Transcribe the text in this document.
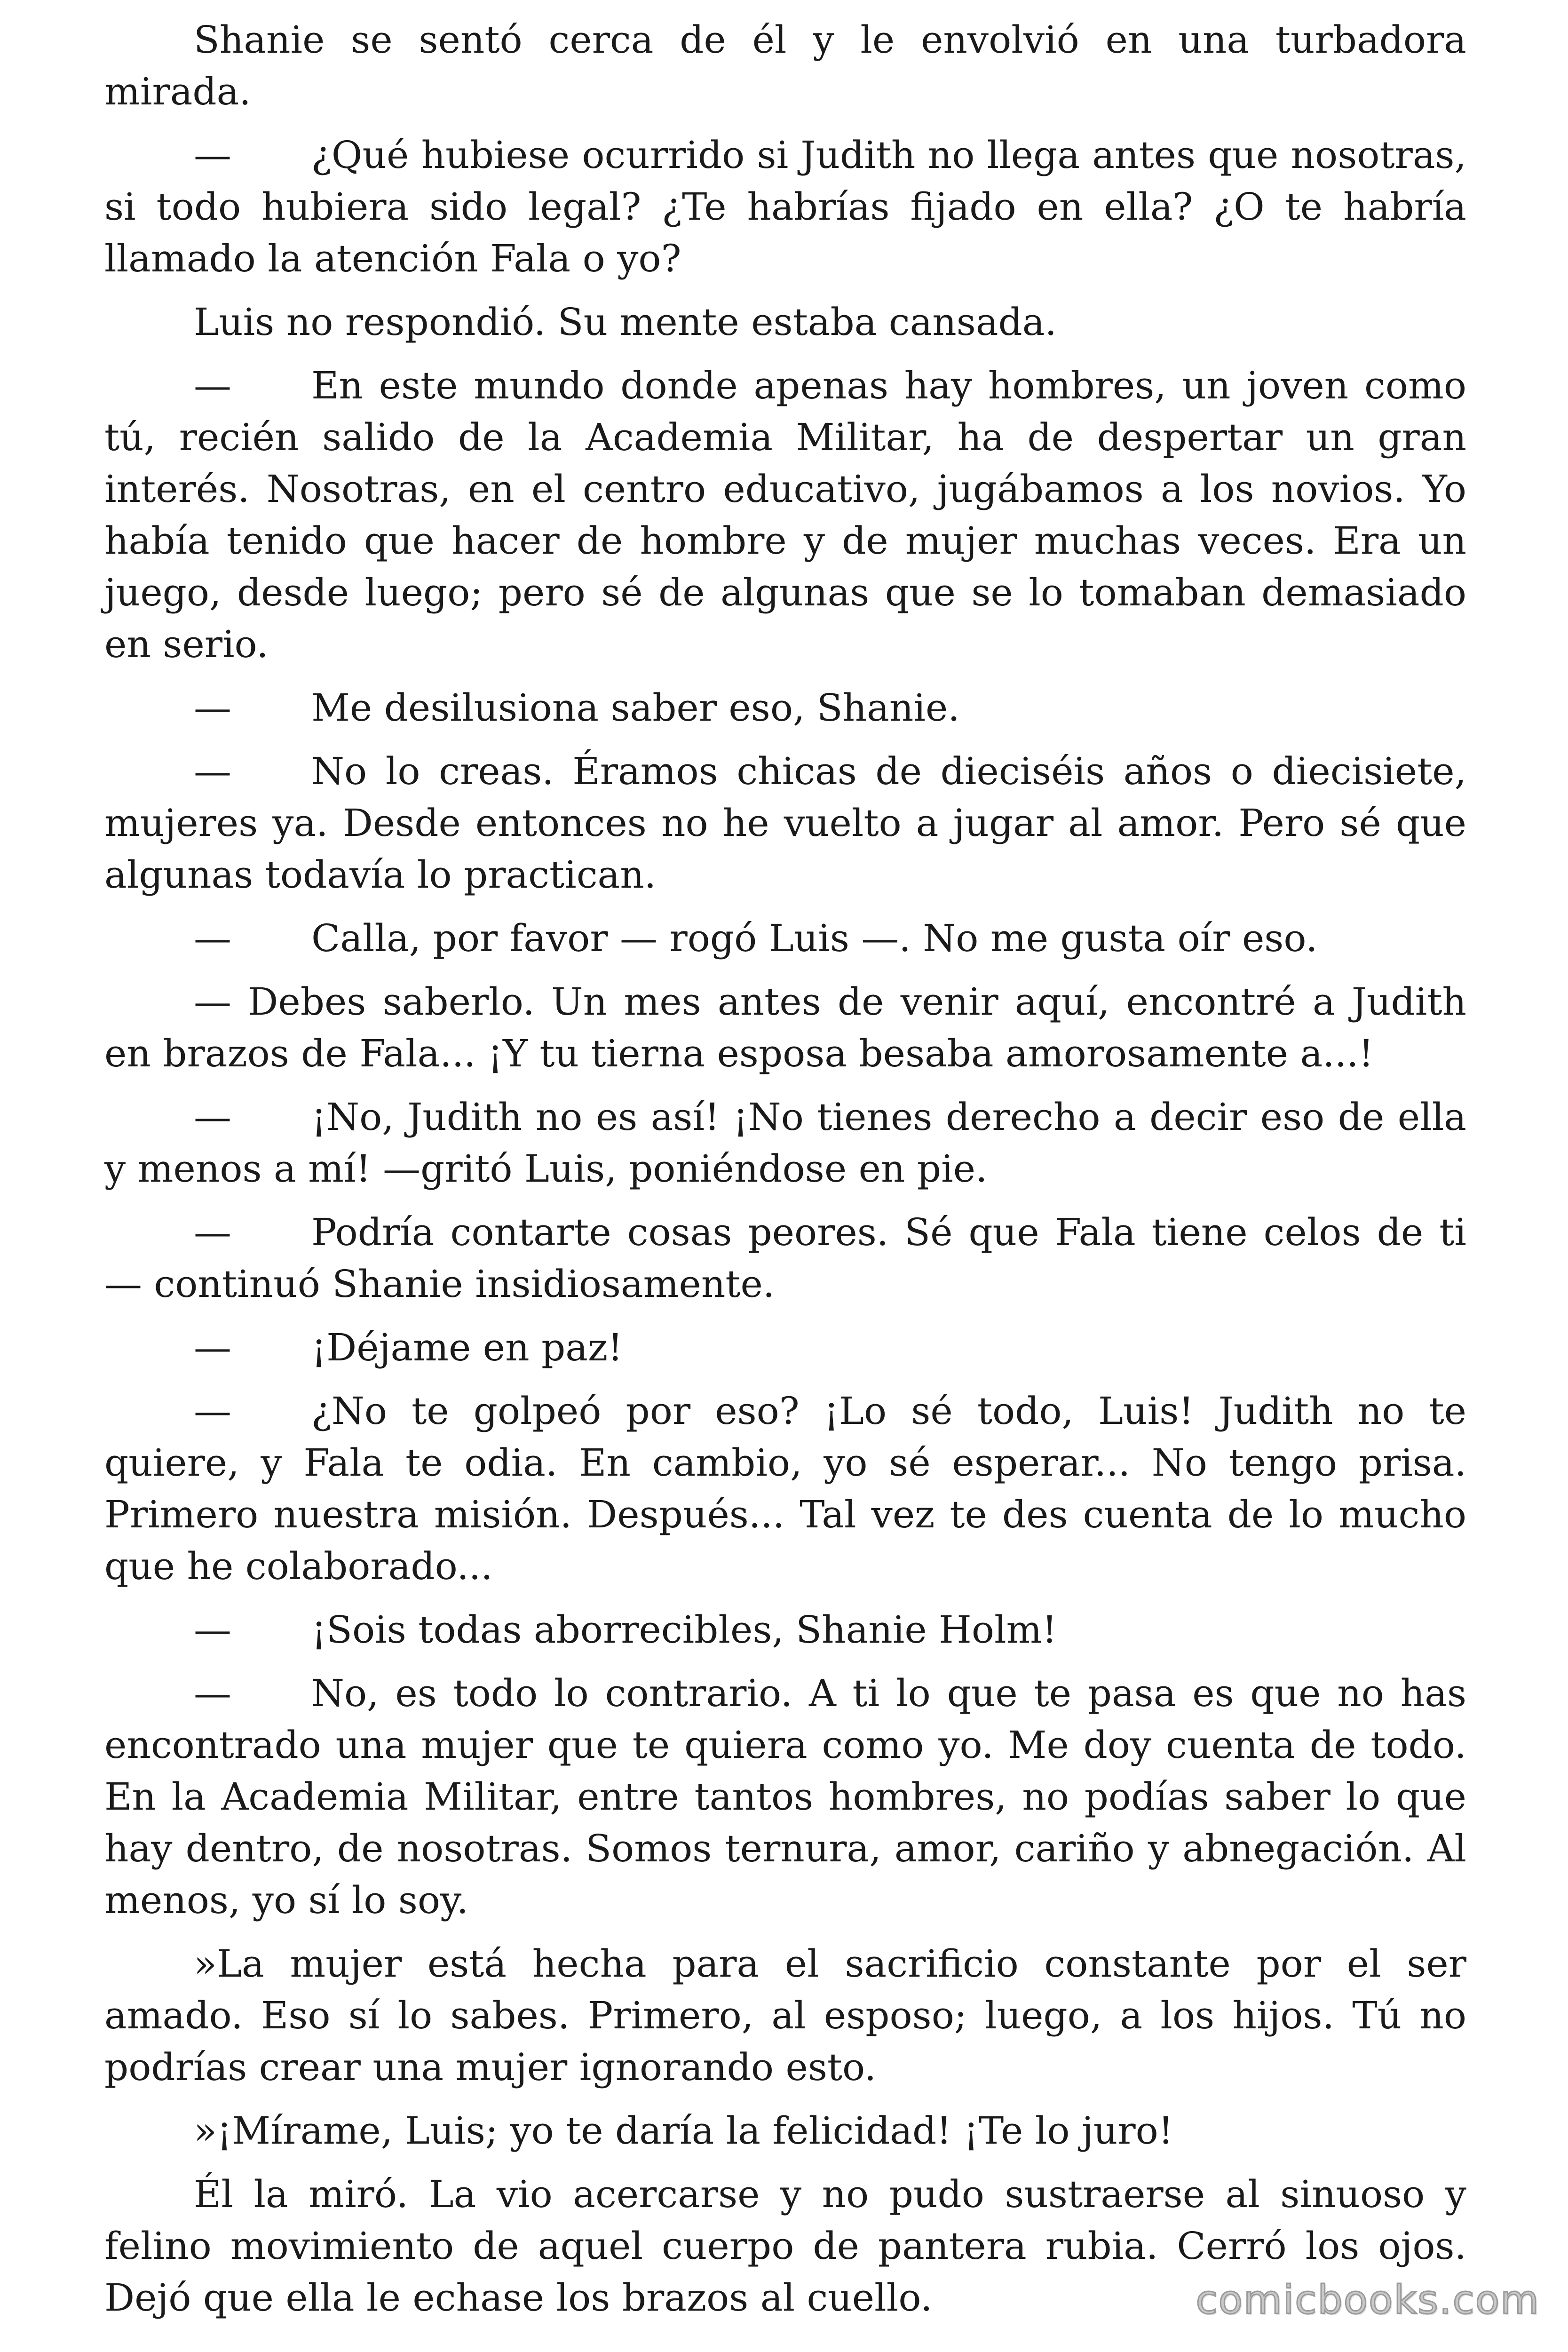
Shanie se sentó cerca de él y le envolvió en una turbadora mirada.

— ¿Qué hubiese ocurrido si Judith no llega antes que nosotras, si todo hubiera sido legal? ¿Te habrías fijado en ella? ¿O te habría llamado la atención Fala o yo?

Luis no respondió. Su mente estaba cansada.

— En este mundo donde apenas hay hombres, un joven como tú, recién salido de la Academia Militar, ha de despertar un gran interés. Nosotras, en el centro educativo, jugábamos a los novios. Yo había tenido que hacer de hombre y de mujer muchas veces. Era un juego, desde luego; pero sé de algunas que se lo tomaban demasiado en serio.

— Me desilusiona saber eso, Shanie.

— No lo creas. Éramos chicas de dieciséis años o diecisiete, mujeres ya. Desde entonces no he vuelto a jugar al amor. Pero sé que algunas todavía lo practican.

— Calla, por favor — rogó Luis —. No me gusta oír eso.

— Debes saberlo. Un mes antes de venir aquí, encontré a Judith en brazos de Fala... ¡Y tu tierna esposa besaba amorosamente a...!

— ¡No, Judith no es así! ¡No tienes derecho a decir eso de ella y menos a mí! —gritó Luis, poniéndose en pie.

— Podría contarte cosas peores. Sé que Fala tiene celos de ti — continuó Shanie insidiosamente.

— ¡Déjame en paz!

— ¿No te golpeó por eso? ¡Lo sé todo, Luis! Judith no te quiere, y Fala te odia. En cambio, yo sé esperar... No tengo prisa. Primero nuestra misión. Después... Tal vez te des cuenta de lo mucho que he colaborado...

— ¡Sois todas aborrecibles, Shanie Holm!

— No, es todo lo contrario. A ti lo que te pasa es que no has encontrado una mujer que te quiera como yo. Me doy cuenta de todo. En la Academia Militar, entre tantos hombres, no podías saber lo que hay dentro, de nosotras. Somos ternura, amor, cariño y abnegación. Al menos, yo sí lo soy.

»La mujer está hecha para el sacrificio constante por el ser amado. Eso sí lo sabes. Primero, al esposo; luego, a los hijos. Tú no podrías crear una mujer ignorando esto.

»¡Mírame, Luis; yo te daría la felicidad! ¡Te lo juro!

Él la miró. La vio acercarse y no pudo sustraerse al sinuoso y felino movimiento de aquel cuerpo de pantera rubia. Cerró los ojos. Dejó que ella le echase los brazos al cuello.	comicbooks.com
